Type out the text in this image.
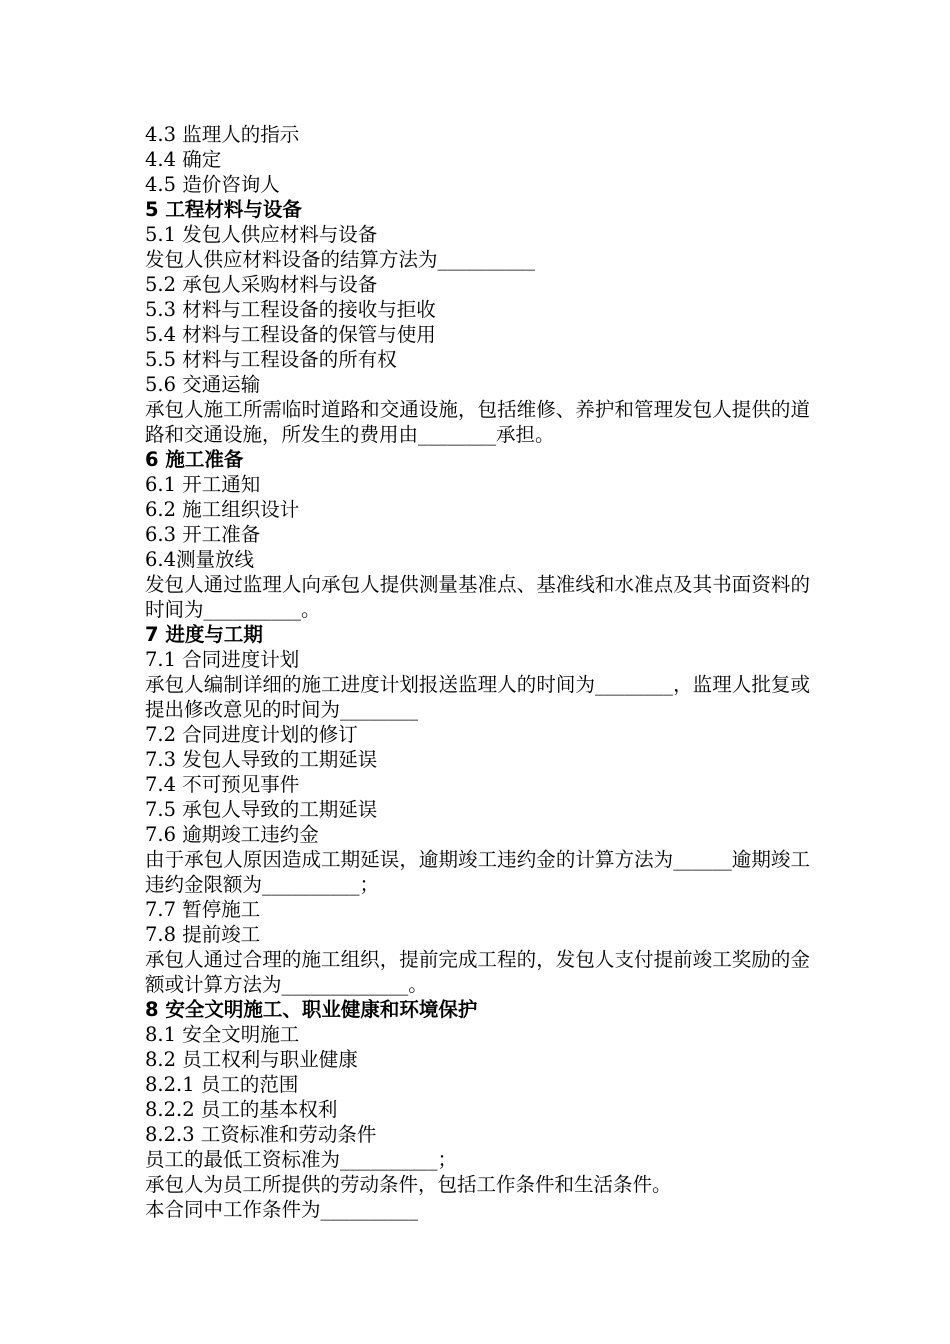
4.3 监理人的指示

4.4 确定

4.5 造价咨询人

5 工程材料与设备

5.1 发包人供应材料与设备

发包人供应材料设备的结算方法为__________

5.2 承包人采购材料与设备

5.3 材料与工程设备的接收与拒收

5.4 材料与工程设备的保管与使用

5.5 材料与工程设备的所有权

5.6 交通运输

承包人施工所需临时道路和交通设施，包括维修、养护和管理发包人提供的道路和交通设施，所发生的费用由________承担。

6 施工准备

6.1 开工通知

6.2 施工组织设计

6.3 开工准备

6.4测量放线

发包人通过监理人向承包人提供测量基准点、基准线和水准点及其书面资料的时间为__________。

7 进度与工期

7.1 合同进度计划

承包人编制详细的施工进度计划报送监理人的时间为________，监理人批复或提出修改意见的时间为________

7.2 合同进度计划的修订

7.3 发包人导致的工期延误

7.4 不可预见事件

7.5 承包人导致的工期延误

7.6 逾期竣工违约金

由于承包人原因造成工期延误，逾期竣工违约金的计算方法为______逾期竣工违约金限额为__________；

7.7 暂停施工

7.8 提前竣工

承包人通过合理的施工组织，提前完成工程的，发包人支付提前竣工奖励的金额或计算方法为_____________。

8 安全文明施工、职业健康和环境保护

8.1 安全文明施工

8.2 员工权利与职业健康

8.2.1 员工的范围

8.2.2 员工的基本权利

8.2.3 工资标准和劳动条件

员工的最低工资标准为__________；

承包人为员工所提供的劳动条件，包括工作条件和生活条件。

本合同中工作条件为__________
